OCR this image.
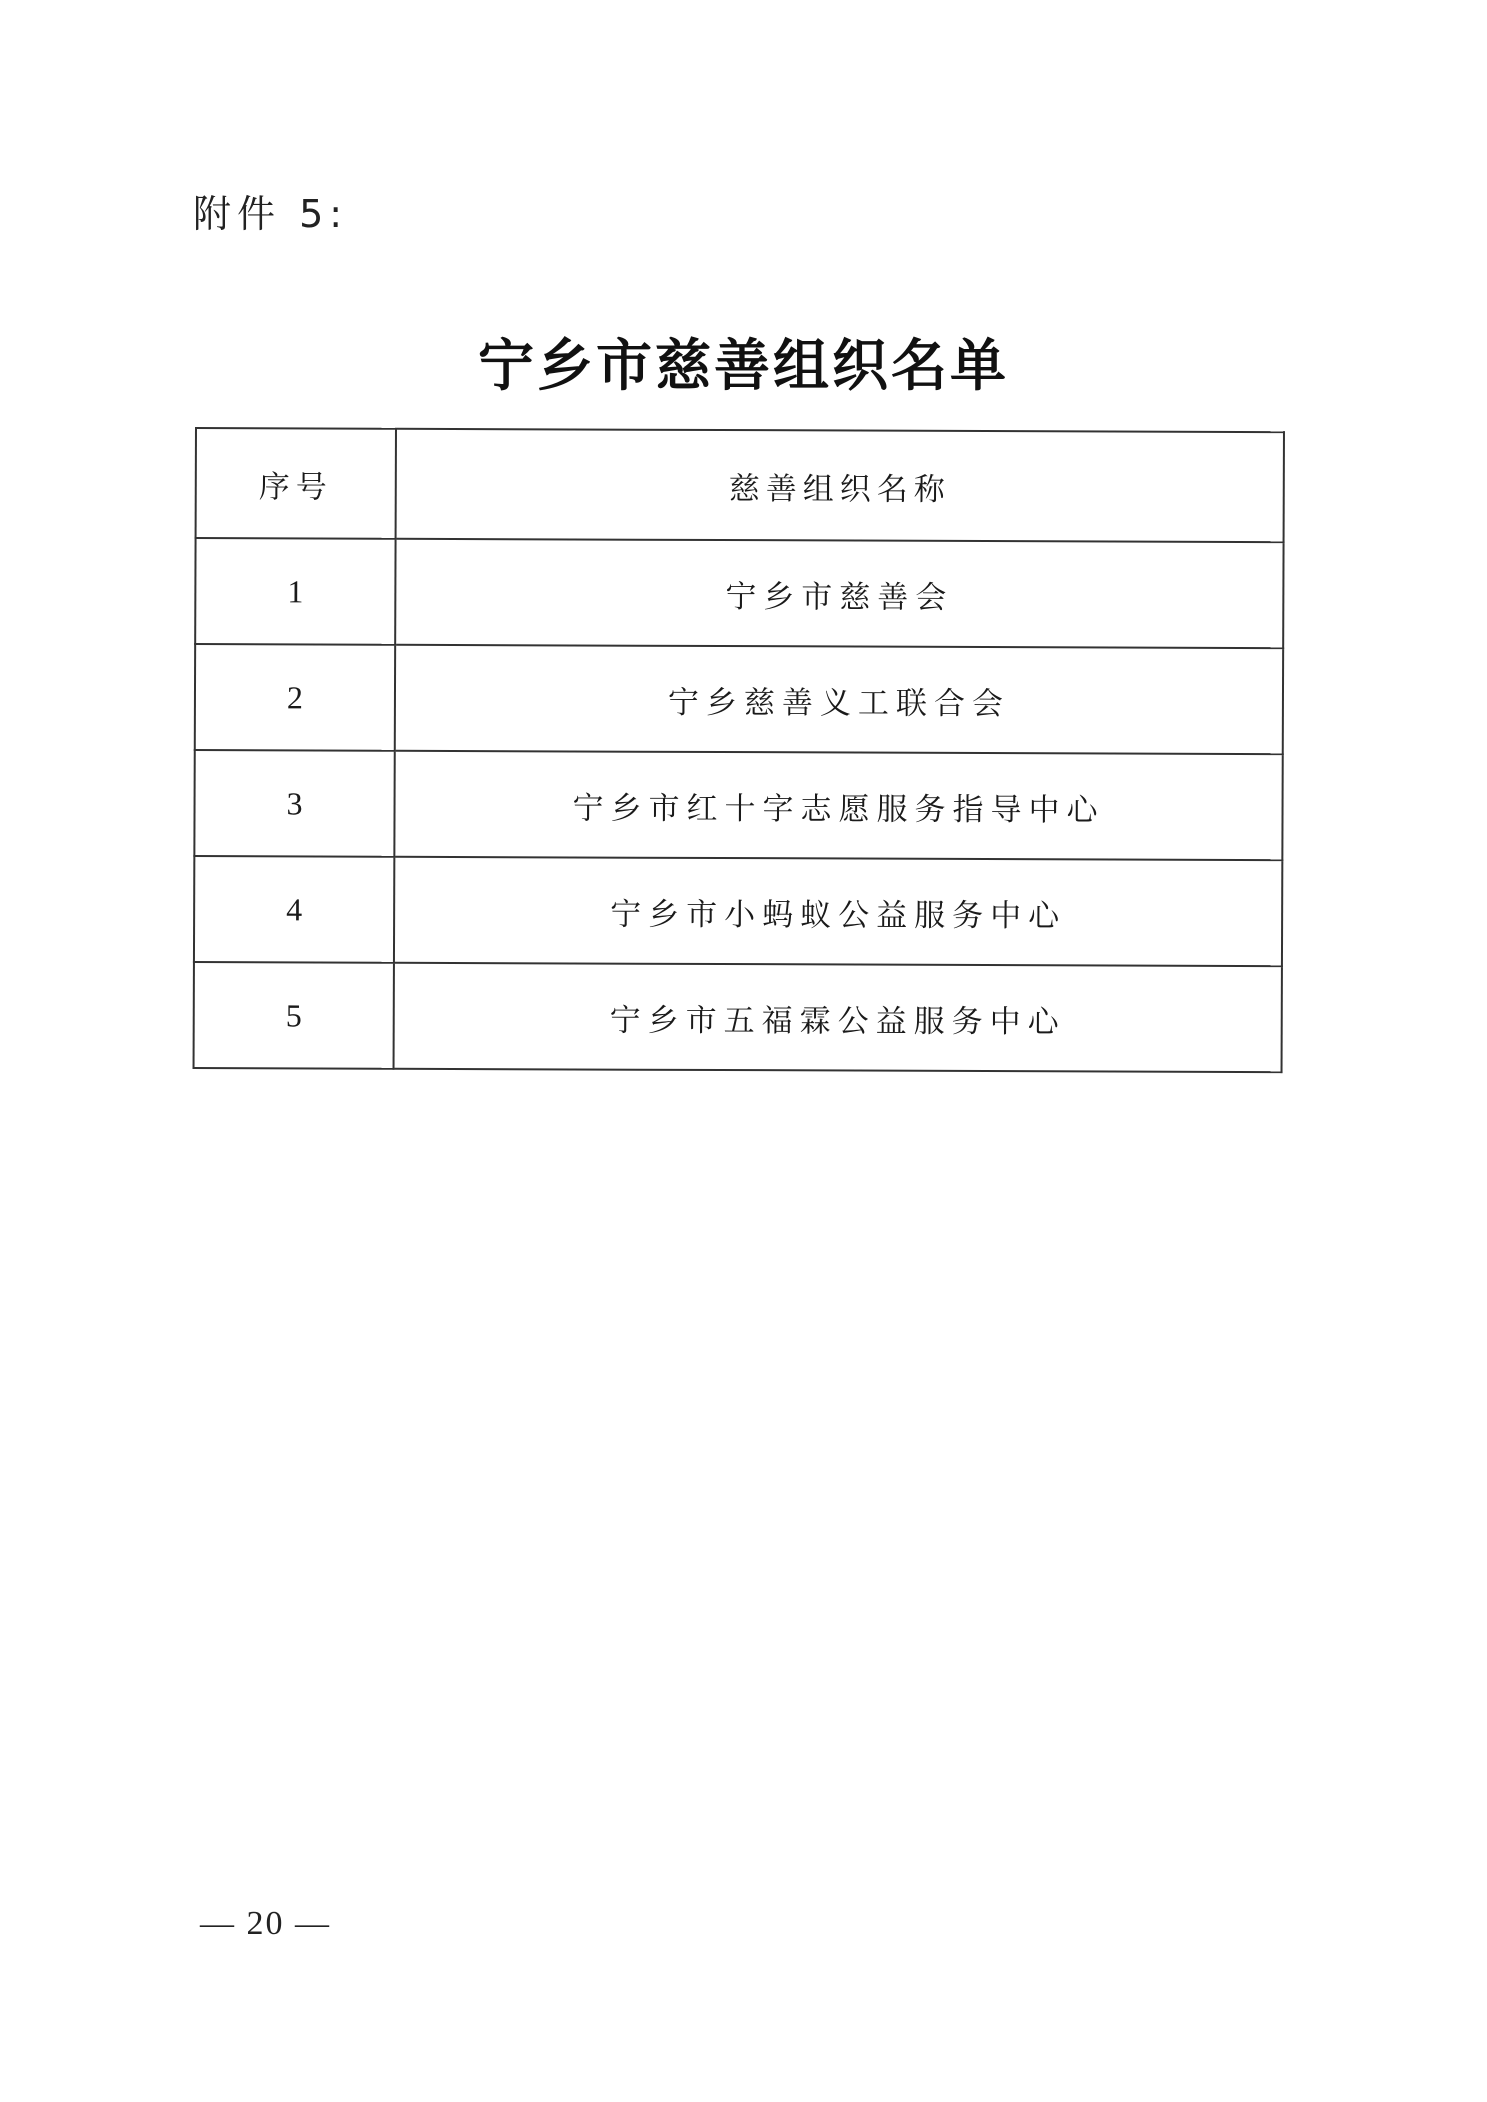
附件 5:
宁乡市慈善组织名单
序号	慈善组织名称
1	宁乡市慈善会
2	宁乡慈善义工联合会
3	宁乡市红十字志愿服务指导中心
4	宁乡市小蚂蚁公益服务中心
5	宁乡市五福霖公益服务中心
— 20 —
